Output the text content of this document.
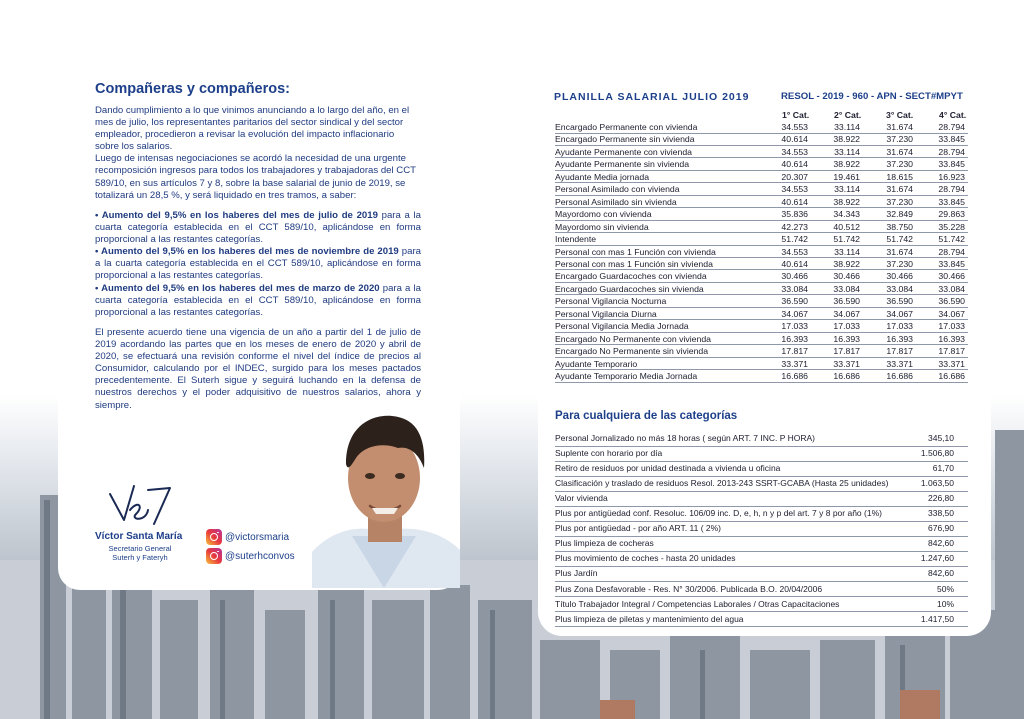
Compañeras y compañeros:
Dando cumplimiento a lo que vinimos anunciando a lo largo del año, en el
mes de julio, los representantes paritarios del sector sindical y del sector
empleador, procedieron a revisar la evolución del impacto inflacionario
sobre los salarios.
Luego de intensas negociaciones se acordó la necesidad de una urgente
recomposición ingresos para todos los trabajadores y trabajadoras del CCT
589/10, en sus artículos 7 y 8, sobre la base salarial de junio de 2019, se
totalizará un 28,5 %, y será liquidado en tres tramos, a saber:
• Aumento del 9,5% en los haberes del mes de julio de 2019 para a la cuarta categoría establecida en el CCT 589/10, aplicándose en forma proporcional a las restantes categorías.
• Aumento del 9,5% en los haberes del mes de noviembre de 2019 para a la cuarta categoría establecida en el CCT 589/10, aplicándose en forma proporcional a las restantes categorías.
• Aumento del 9,5% en los haberes del mes de marzo de 2020 para a la cuarta categoría establecida en el CCT 589/10, aplicándose en forma proporcional a las restantes categorías.
El presente acuerdo tiene una vigencia de un año a partir del 1 de julio de 2019 acordando las partes que en los meses de enero de 2020 y abril de 2020, se efectuará una revisión conforme el nivel del índice de precios al Consumidor, calculando por el INDEC, surgido para los meses pactados precedentemente. El Suterh sigue y seguirá luchando en la defensa de nuestros derechos y el poder adquisitivo de nuestros salarios, ahora y siempre.
Víctor Santa María
Secretario General
Suterh y Fateryh
@victorsmaria
@suterhconvos
PLANILLA SALARIAL JULIO 2019	RESOL - 2019 - 960 - APN - SECT#MPYT
1° Cat.	2° Cat.	3° Cat.	4° Cat.
Encargado Permanente con vivienda	34.553	33.114	31.674	28.794
Encargado Permanente sin vivienda	40.614	38.922	37.230	33.845
Ayudante Permanente con vivienda	34.553	33.114	31.674	28.794
Ayudante Permanente sin vivienda	40.614	38.922	37.230	33.845
Ayudante Media jornada	20.307	19.461	18.615	16.923
Personal Asimilado con vivienda	34.553	33.114	31.674	28.794
Personal Asimilado sin vivienda	40.614	38.922	37.230	33.845
Mayordomo con vivienda	35.836	34.343	32.849	29.863
Mayordomo sin vivienda	42.273	40.512	38.750	35.228
Intendente	51.742	51.742	51.742	51.742
Personal con mas 1 Función con vivienda	34.553	33.114	31.674	28.794
Personal con mas 1 Función sin vivienda	40.614	38.922	37.230	33.845
Encargado Guardacoches con vivienda	30.466	30.466	30.466	30.466
Encargado Guardacoches sin vivienda	33.084	33.084	33.084	33.084
Personal Vigilancia Nocturna	36.590	36.590	36.590	36.590
Personal Vigilancia Diurna	34.067	34.067	34.067	34.067
Personal Vigilancia Media Jornada	17.033	17.033	17.033	17.033
Encargado No Permanente con vivienda	16.393	16.393	16.393	16.393
Encargado No Permanente sin vivienda	17.817	17.817	17.817	17.817
Ayudante Temporario	33.371	33.371	33.371	33.371
Ayudante Temporario Media Jornada	16.686	16.686	16.686	16.686
Para cualquiera de las categorías
Personal Jornalizado no más 18 horas ( según ART. 7 INC. P HORA)	345,10
Suplente con horario por día	1.506,80
Retiro de residuos por unidad destinada a vivienda u oficina	61,70
Clasificación y traslado de residuos Resol. 2013-243 SSRT-GCABA (Hasta 25 unidades)	1.063,50
Valor vivienda	226,80
Plus por antigüedad conf. Resoluc. 106/09 inc. D, e, h, n y p del art. 7 y 8 por año (1%)	338,50
Plus por antigüedad - por año ART. 11 ( 2%)	676,90
Plus limpieza de cocheras	842,60
Plus movimiento de coches - hasta 20 unidades	1.247,60
Plus Jardín	842,60
Plus Zona Desfavorable - Res. N° 30/2006. Publicada B.O. 20/04/2006	50%
Título Trabajador Integral / Competencias Laborales / Otras Capacitaciones	10%
Plus limpieza de piletas y mantenimiento del agua	1.417,50
